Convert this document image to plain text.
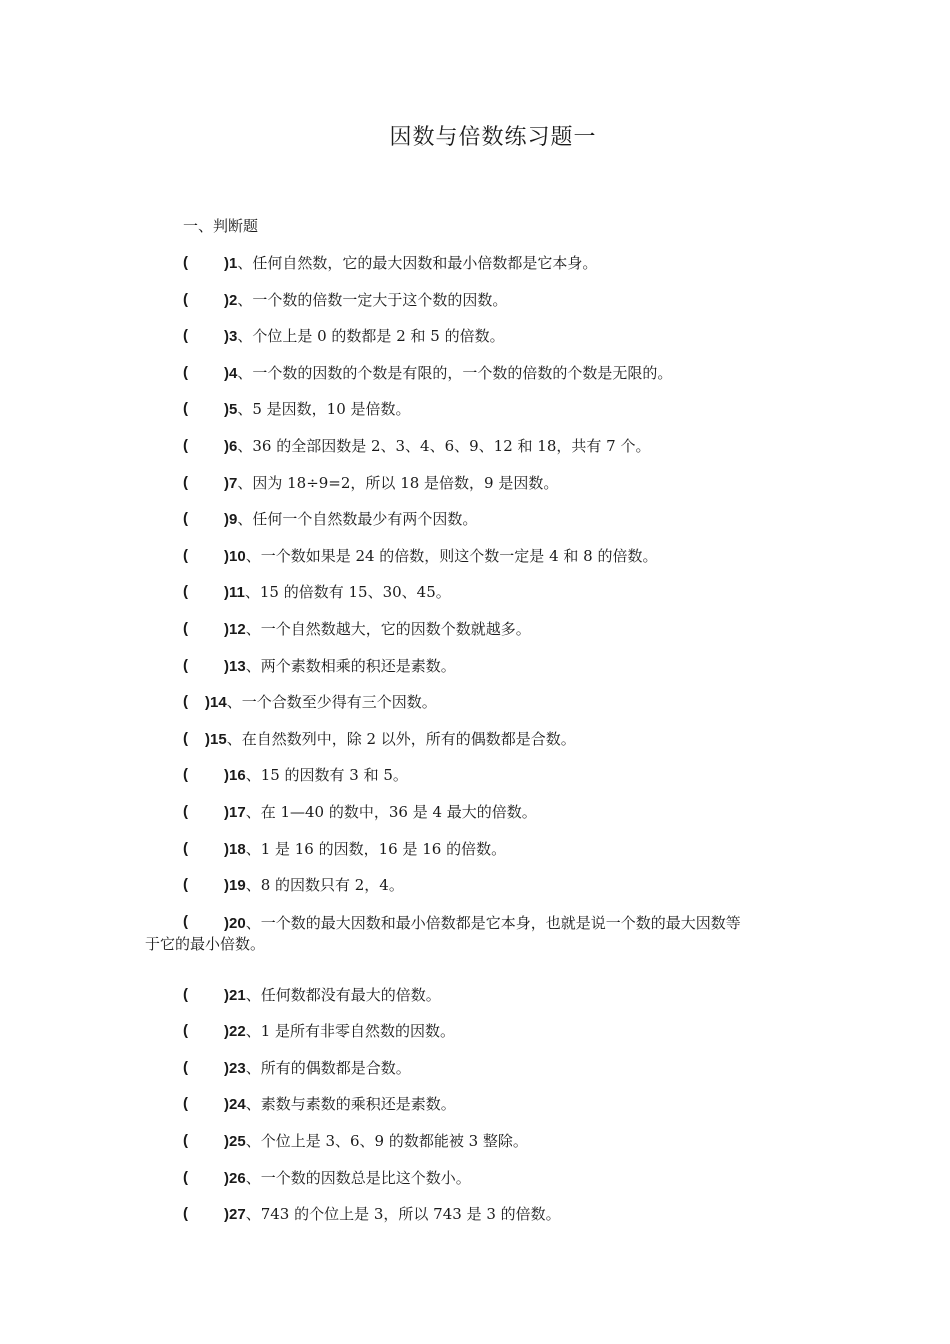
因数与倍数练习题一
一、判断题
( )1、任何自然数，它的最大因数和最小倍数都是它本身。
( )2、一个数的倍数一定大于这个数的因数。
( )3、个位上是 0 的数都是 2 和 5 的倍数。
( )4、一个数的因数的个数是有限的，一个数的倍数的个数是无限的。
( )5、5 是因数，10 是倍数。
( )6、36 的全部因数是 2、3、4、6、9、12 和 18，共有 7 个。
( )7、因为 18÷9=2，所以 18 是倍数，9 是因数。
( )9、任何一个自然数最少有两个因数。
( )10、一个数如果是 24 的倍数，则这个数一定是 4 和 8 的倍数。
( )11、15 的倍数有 15、30、45。
( )12、一个自然数越大，它的因数个数就越多。
( )13、两个素数相乘的积还是素数。
( )14、一个合数至少得有三个因数。
( )15、在自然数列中，除 2 以外，所有的偶数都是合数。
( )16、15 的因数有 3 和 5。
( )17、在 1—40 的数中，36 是 4 最大的倍数。
( )18、1 是 16 的因数，16 是 16 的倍数。
( )19、8 的因数只有 2，4。
( )20、一个数的最大因数和最小倍数都是它本身，也就是说一个数的最大因数等
于它的最小倍数。
( )21、任何数都没有最大的倍数。
( )22、1 是所有非零自然数的因数。
( )23、所有的偶数都是合数。
( )24、素数与素数的乘积还是素数。
( )25、个位上是 3、6、9 的数都能被 3 整除。
( )26、一个数的因数总是比这个数小。
( )27、743 的个位上是 3，所以 743 是 3 的倍数。
